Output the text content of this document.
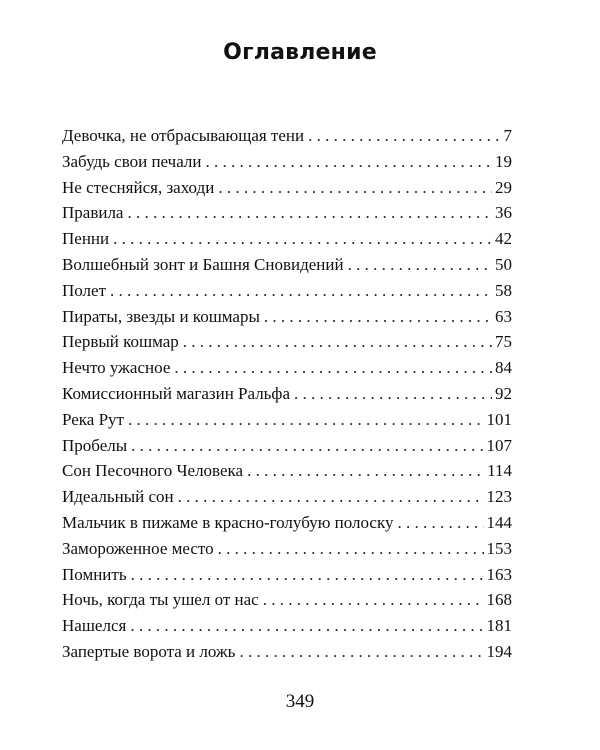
Оглавление
Девочка, не отбрасывающая тени . . .	7
Забудь свои печали . . .	19
Не стесняйся, заходи . . .	29
Правила . . .	36
Пенни . . .	42
Волшебный зонт и Башня Сновидений . . .	50
Полет . . .	58
Пираты, звезды и кошмары . . .	63
Первый кошмар . . .	75
Нечто ужасное . . .	84
Комиссионный магазин Ральфа . . .	92
Река Рут . . .	101
Пробелы . . .	107
Сон Песочного Человека . . .	114
Идеальный сон . . .	123
Мальчик в пижаме в красно-голубую полоску . . .	144
Замороженное место . . .	153
Помнить . . .	163
Ночь, когда ты ушел от нас . . .	168
Нашелся . . .	181
Запертые ворота и ложь . . .	194
349
